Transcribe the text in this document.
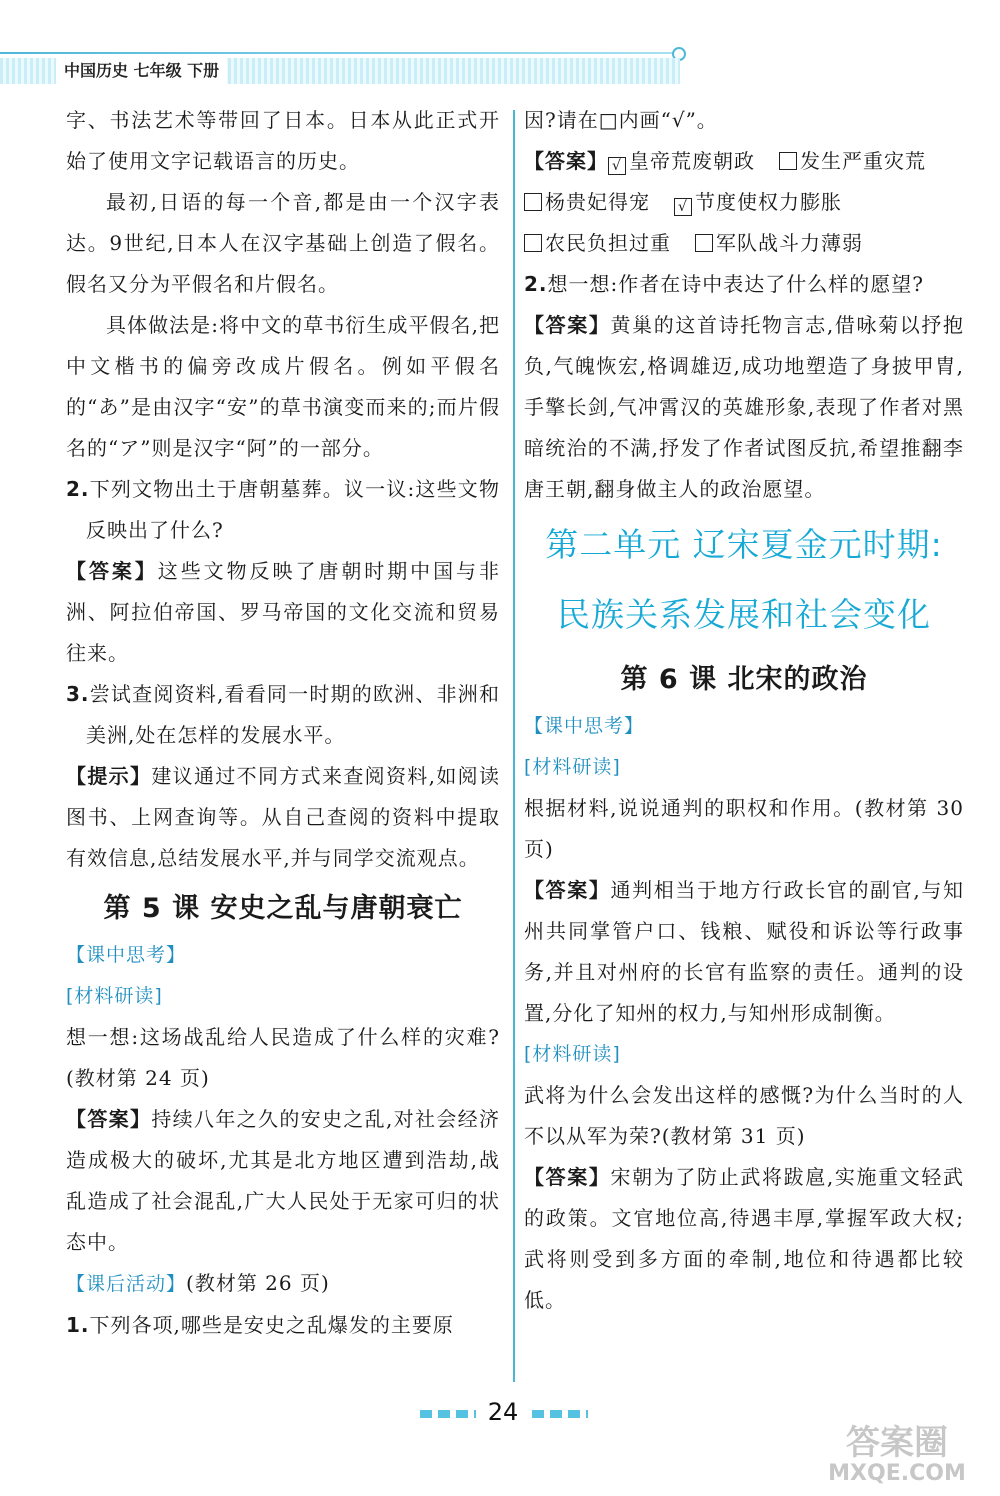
中国历史 七年级 下册

字、书法艺术等带回了日本。日本从此正式开始了使用文字记载语言的历史。

最初,日语的每一个音,都是由一个汉字表达。9世纪,日本人在汉字基础上创造了假名。假名又分为平假名和片假名。

具体做法是:将中文的草书衍生成平假名,把中文楷书的偏旁改成片假名。例如平假名的“あ”是由汉字“安”的草书演变而来的;而片假名的“ア”则是汉字“阿”的一部分。

2.下列文物出土于唐朝墓葬。议一议:这些文物反映出了什么?

【答案】这些文物反映了唐朝时期中国与非洲、阿拉伯帝国、罗马帝国的文化交流和贸易往来。

3.尝试查阅资料,看看同一时期的欧洲、非洲和美洲,处在怎样的发展水平。

【提示】建议通过不同方式来查阅资料,如阅读图书、上网查询等。从自己查阅的资料中提取有效信息,总结发展水平,并与同学交流观点。

第 5 课 安史之乱与唐朝衰亡

【课中思考】

[材料研读]

想一想:这场战乱给人民造成了什么样的灾难?(教材第 24 页)

【答案】持续八年之久的安史之乱,对社会经济造成极大的破坏,尤其是北方地区遭到浩劫,战乱造成了社会混乱,广大人民处于无家可归的状态中。

【课后活动】(教材第 26 页)

1.下列各项,哪些是安史之乱爆发的主要原

因?请在□内画“√”。

【答案】 √ 皇帝荒废朝政 发生严重灾荒

杨贵妃得宠 √ 节度使权力膨胀

农民负担过重 军队战斗力薄弱

2.想一想:作者在诗中表达了什么样的愿望?

【答案】黄巢的这首诗托物言志,借咏菊以抒抱负,气魄恢宏,格调雄迈,成功地塑造了身披甲胄,手擎长剑,气冲霄汉的英雄形象,表现了作者对黑暗统治的不满,抒发了作者试图反抗,希望推翻李唐王朝,翻身做主人的政治愿望。

第二单元 辽宋夏金元时期:
民族关系发展和社会变化
第 6 课 北宋的政治

【课中思考】

[材料研读]

根据材料,说说通判的职权和作用。(教材第 30 页)

【答案】通判相当于地方行政长官的副官,与知州共同掌管户口、钱粮、赋役和诉讼等行政事务,并且对州府的长官有监察的责任。通判的设置,分化了知州的权力,与知州形成制衡。

[材料研读]

武将为什么会发出这样的感慨?为什么当时的人不以从军为荣?(教材第 31 页)

【答案】宋朝为了防止武将跋扈,实施重文轻武的政策。文官地位高,待遇丰厚,掌握军政大权;武将则受到多方面的牵制,地位和待遇都比较低。

24
答案圈
MXQE.COM
